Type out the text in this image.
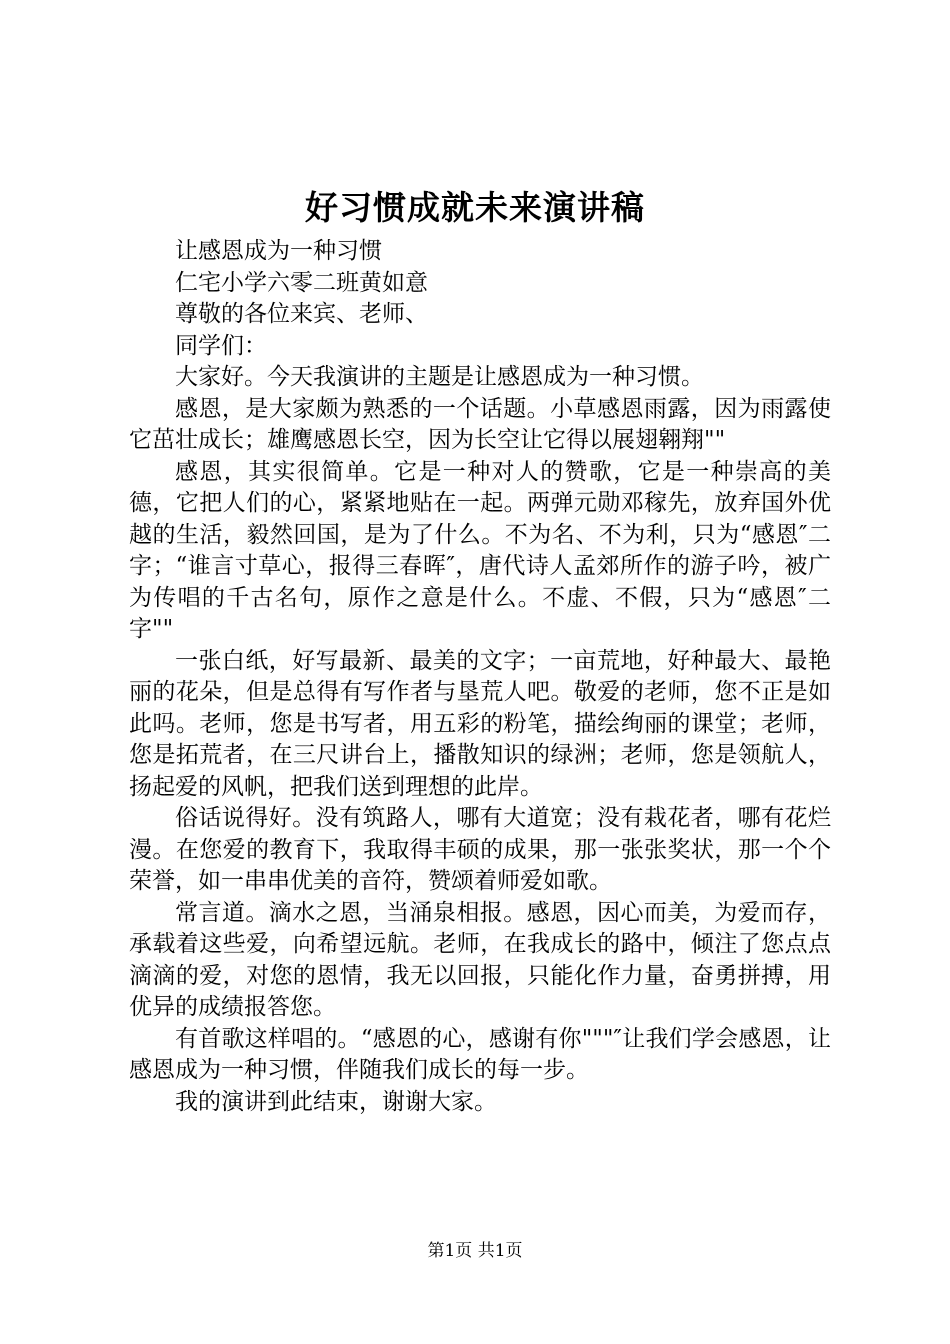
好习惯成就未来演讲稿

让感恩成为一种习惯

仁宅小学六零二班黄如意

尊敬的各位来宾、老师、

同学们：

大家好。今天我演讲的主题是让感恩成为一种习惯。

感恩，是大家颇为熟悉的一个话题。小草感恩雨露，因为雨露使它茁壮成长；雄鹰感恩长空，因为长空让它得以展翅翱翔""

感恩，其实很简单。它是一种对人的赞歌，它是一种崇高的美德，它把人们的心，紧紧地贴在一起。两弹元勋邓稼先，放弃国外优越的生活，毅然回国，是为了什么。不为名、不为利，只为“感恩″二字；“谁言寸草心，报得三春晖″，唐代诗人孟郊所作的游子吟，被广为传唱的千古名句，原作之意是什么。不虚、不假，只为“感恩″二字""

一张白纸，好写最新、最美的文字；一亩荒地，好种最大、最艳丽的花朵，但是总得有写作者与垦荒人吧。敬爱的老师，您不正是如此吗。老师，您是书写者，用五彩的粉笔，描绘绚丽的课堂；老师，您是拓荒者，在三尺讲台上，播散知识的绿洲；老师，您是领航人，扬起爱的风帆，把我们送到理想的此岸。

俗话说得好。没有筑路人，哪有大道宽；没有栽花者，哪有花烂漫。在您爱的教育下，我取得丰硕的成果，那一张张奖状，那一个个荣誉，如一串串优美的音符，赞颂着师爱如歌。

常言道。滴水之恩，当涌泉相报。感恩，因心而美，为爱而存，承载着这些爱，向希望远航。老师，在我成长的路中，倾注了您点点滴滴的爱，对您的恩情，我无以回报，只能化作力量，奋勇拼搏，用优异的成绩报答您。

有首歌这样唱的。“感恩的心，感谢有你"""″让我们学会感恩，让感恩成为一种习惯，伴随我们成长的每一步。

我的演讲到此结束，谢谢大家。

第1页 共1页
